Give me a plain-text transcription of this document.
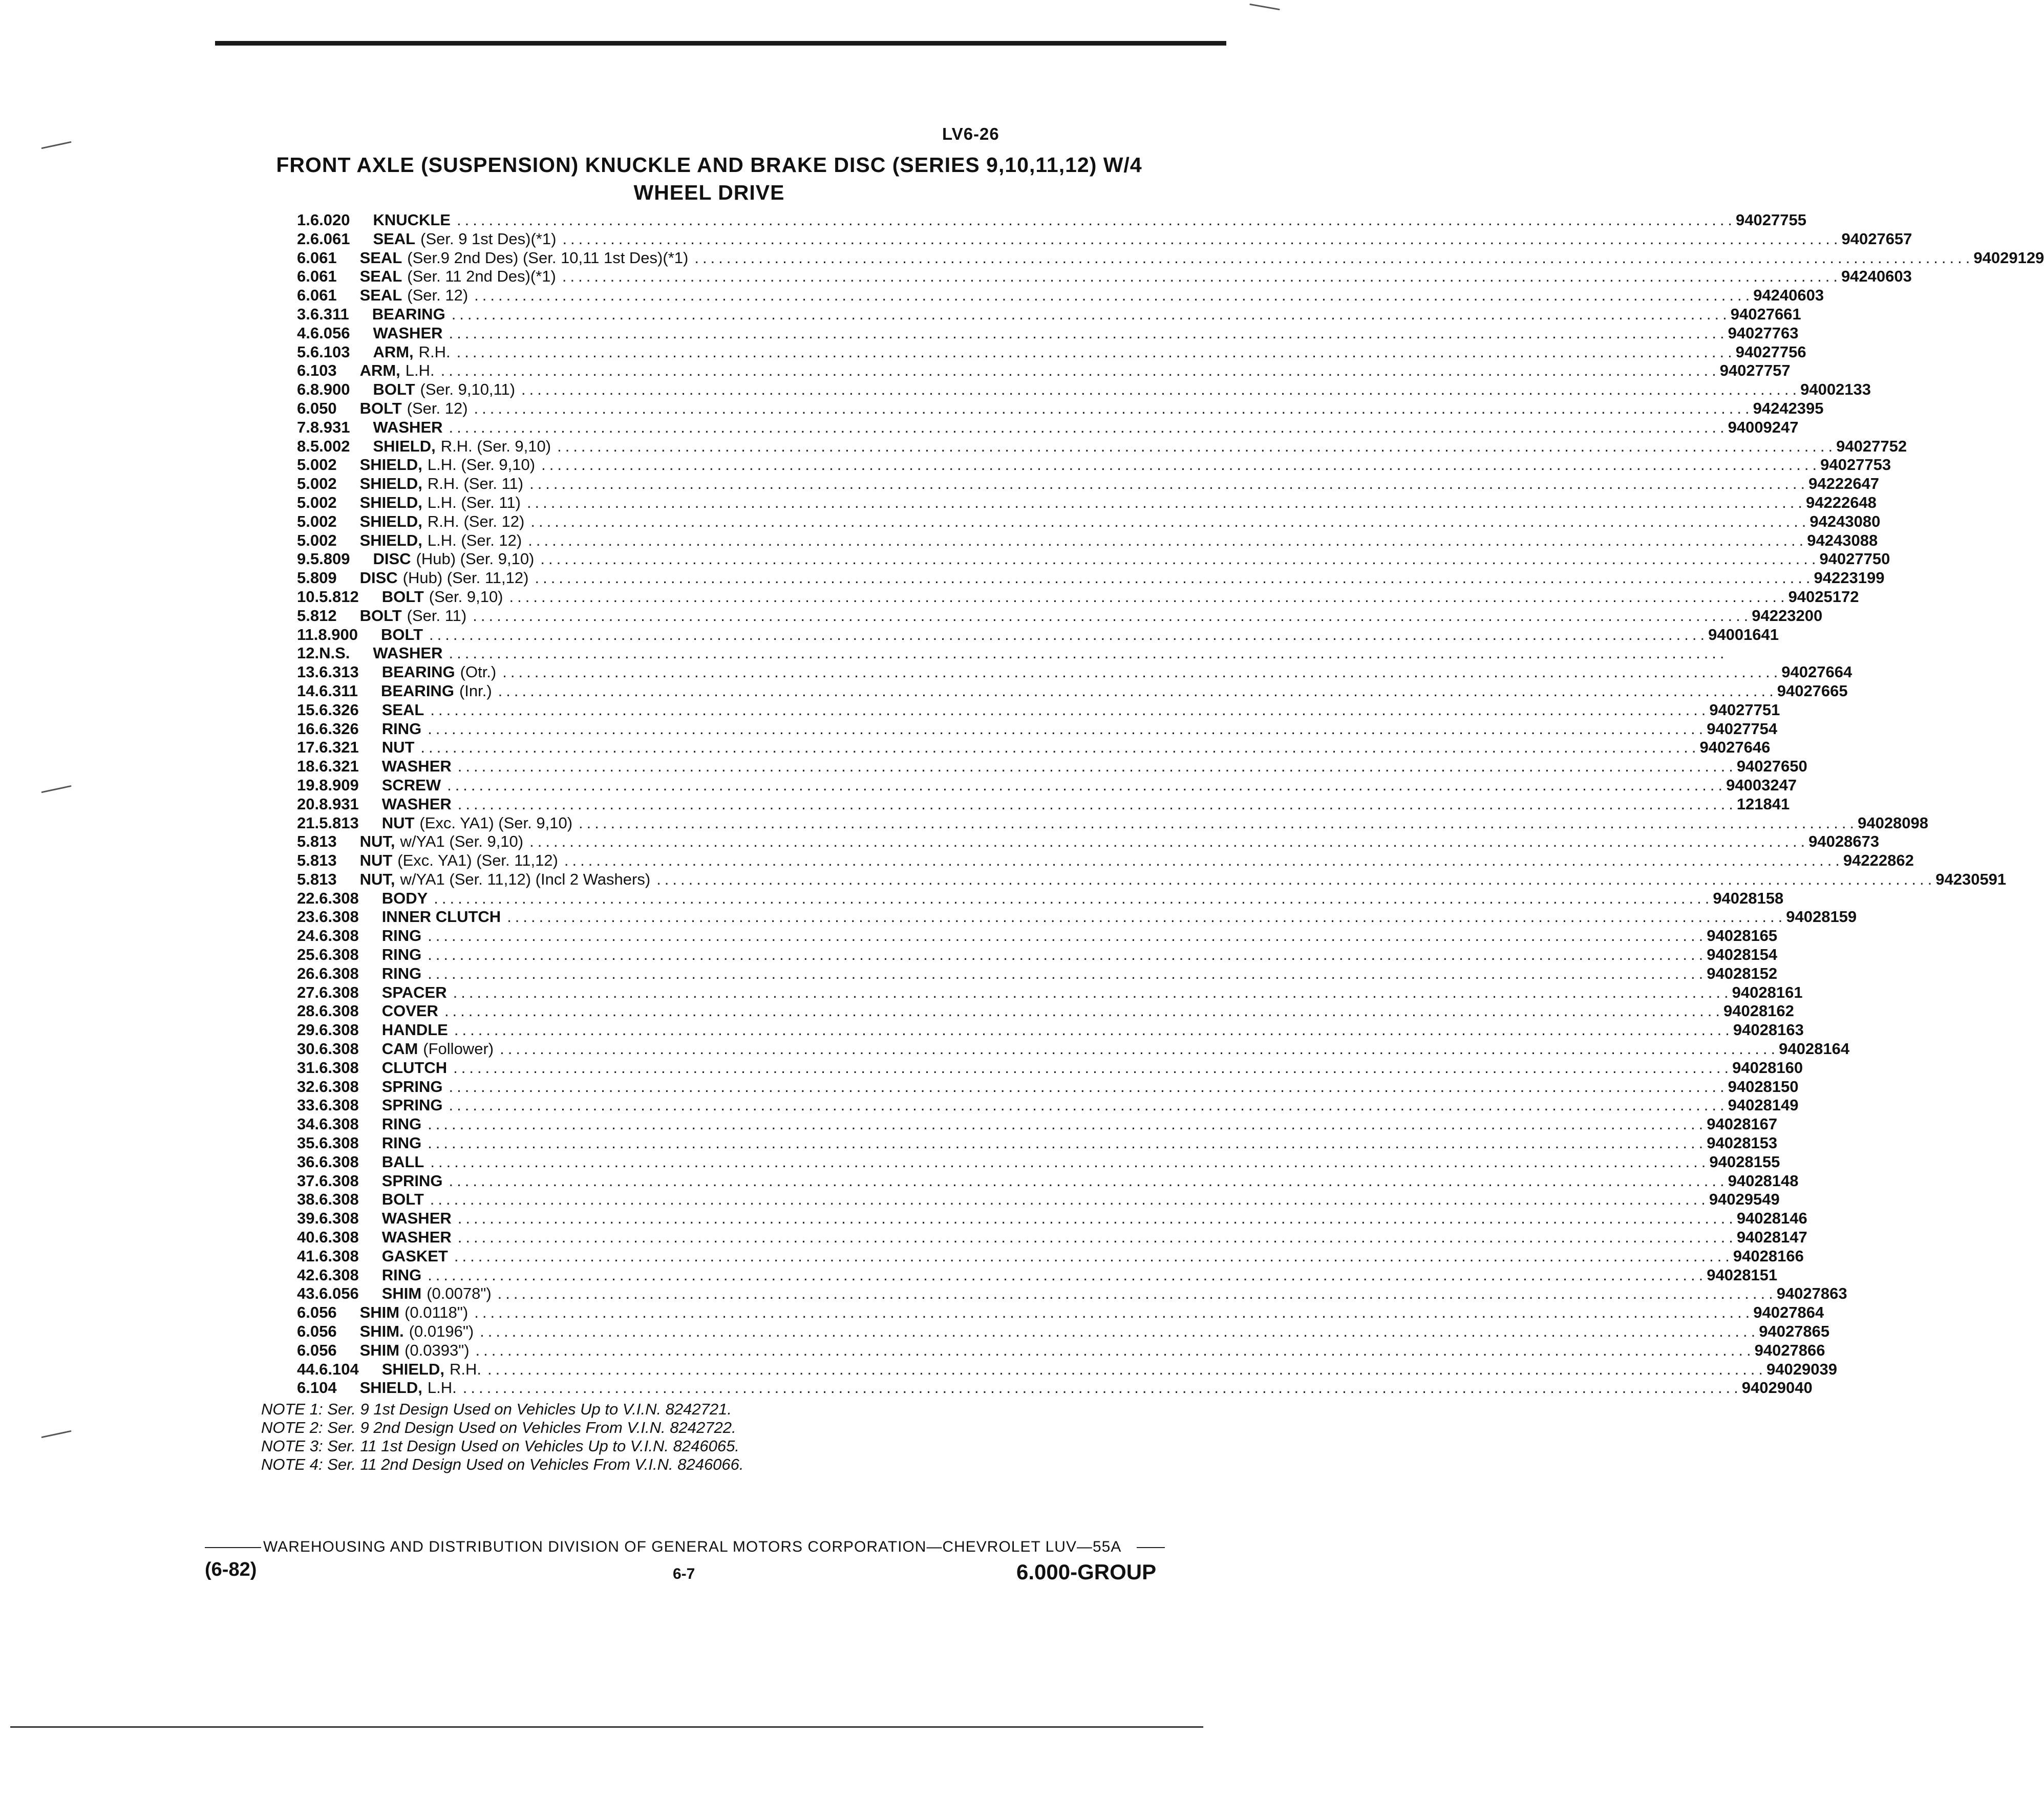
LV6-26
FRONT AXLE (SUSPENSION) KNUCKLE AND BRAKE DISC (SERIES 9,10,11,12) W/4
WHEEL DRIVE
1. 6.020 KNUCKLE ................................................................................................................................................................ 94027755
2. 6.061 SEAL (Ser. 9 1st Des)(*1) ................................................................................................................................................................ 94027657
6.061 SEAL (Ser.9 2nd Des) (Ser. 10,11 1st Des)(*1) ................................................................................................................................................................ 94029129
6.061 SEAL (Ser. 11 2nd Des)(*1) ................................................................................................................................................................ 94240603
6.061 SEAL (Ser. 12) ................................................................................................................................................................ 94240603
3. 6.311 BEARING ................................................................................................................................................................ 94027661
4. 6.056 WASHER ................................................................................................................................................................ 94027763
5. 6.103 ARM, R.H. ................................................................................................................................................................ 94027756
6.103 ARM, L.H. ................................................................................................................................................................ 94027757
6. 8.900 BOLT (Ser. 9,10,11) ................................................................................................................................................................ 94002133
6.050 BOLT (Ser. 12) ................................................................................................................................................................ 94242395
7. 8.931 WASHER ................................................................................................................................................................ 94009247
8. 5.002 SHIELD, R.H. (Ser. 9,10) ................................................................................................................................................................ 94027752
5.002 SHIELD, L.H. (Ser. 9,10) ................................................................................................................................................................ 94027753
5.002 SHIELD, R.H. (Ser. 11) ................................................................................................................................................................ 94222647
5.002 SHIELD, L.H. (Ser. 11) ................................................................................................................................................................ 94222648
5.002 SHIELD, R.H. (Ser. 12) ................................................................................................................................................................ 94243080
5.002 SHIELD, L.H. (Ser. 12) ................................................................................................................................................................ 94243088
9. 5.809 DISC (Hub) (Ser. 9,10) ................................................................................................................................................................ 94027750
5.809 DISC (Hub) (Ser. 11,12) ................................................................................................................................................................ 94223199
10. 5.812 BOLT (Ser. 9,10) ................................................................................................................................................................ 94025172
5.812 BOLT (Ser. 11) ................................................................................................................................................................ 94223200
11. 8.900 BOLT ................................................................................................................................................................ 94001641
12. N.S. WASHER ................................................................................................................................................................
13. 6.313 BEARING (Otr.) ................................................................................................................................................................ 94027664
14. 6.311 BEARING (Inr.) ................................................................................................................................................................ 94027665
15. 6.326 SEAL ................................................................................................................................................................ 94027751
16. 6.326 RING ................................................................................................................................................................ 94027754
17. 6.321 NUT ................................................................................................................................................................ 94027646
18. 6.321 WASHER ................................................................................................................................................................ 94027650
19. 8.909 SCREW ................................................................................................................................................................ 94003247
20. 8.931 WASHER ................................................................................................................................................................ 121841
21. 5.813 NUT (Exc. YA1) (Ser. 9,10) ................................................................................................................................................................ 94028098
5.813 NUT, w/YA1 (Ser. 9,10) ................................................................................................................................................................ 94028673
5.813 NUT (Exc. YA1) (Ser. 11,12) ................................................................................................................................................................ 94222862
5.813 NUT, w/YA1 (Ser. 11,12) (Incl 2 Washers) ................................................................................................................................................................ 94230591
22. 6.308 BODY ................................................................................................................................................................ 94028158
23. 6.308 INNER CLUTCH ................................................................................................................................................................ 94028159
24. 6.308 RING ................................................................................................................................................................ 94028165
25. 6.308 RING ................................................................................................................................................................ 94028154
26. 6.308 RING ................................................................................................................................................................ 94028152
27. 6.308 SPACER ................................................................................................................................................................ 94028161
28. 6.308 COVER ................................................................................................................................................................ 94028162
29. 6.308 HANDLE ................................................................................................................................................................ 94028163
30. 6.308 CAM (Follower) ................................................................................................................................................................ 94028164
31. 6.308 CLUTCH ................................................................................................................................................................ 94028160
32. 6.308 SPRING ................................................................................................................................................................ 94028150
33. 6.308 SPRING ................................................................................................................................................................ 94028149
34. 6.308 RING ................................................................................................................................................................ 94028167
35. 6.308 RING ................................................................................................................................................................ 94028153
36. 6.308 BALL ................................................................................................................................................................ 94028155
37. 6.308 SPRING ................................................................................................................................................................ 94028148
38. 6.308 BOLT ................................................................................................................................................................ 94029549
39. 6.308 WASHER ................................................................................................................................................................ 94028146
40. 6.308 WASHER ................................................................................................................................................................ 94028147
41. 6.308 GASKET ................................................................................................................................................................ 94028166
42. 6.308 RING ................................................................................................................................................................ 94028151
43. 6.056 SHIM (0.0078") ................................................................................................................................................................ 94027863
6.056 SHIM (0.0118") ................................................................................................................................................................ 94027864
6.056 SHIM. (0.0196") ................................................................................................................................................................ 94027865
6.056 SHIM (0.0393") ................................................................................................................................................................ 94027866
44. 6.104 SHIELD, R.H. ................................................................................................................................................................ 94029039
6.104 SHIELD, L.H. ................................................................................................................................................................ 94029040
NOTE 1: Ser. 9 1st Design Used on Vehicles Up to V.I.N. 8242721.
NOTE 2: Ser. 9 2nd Design Used on Vehicles From V.I.N. 8242722.
NOTE 3: Ser. 11 1st Design Used on Vehicles Up to V.I.N. 8246065.
NOTE 4: Ser. 11 2nd Design Used on Vehicles From V.I.N. 8246066.
WAREHOUSING AND DISTRIBUTION DIVISION OF GENERAL MOTORS CORPORATION—CHEVROLET LUV—55A
(6-82)	6-7	6.000-GROUP
